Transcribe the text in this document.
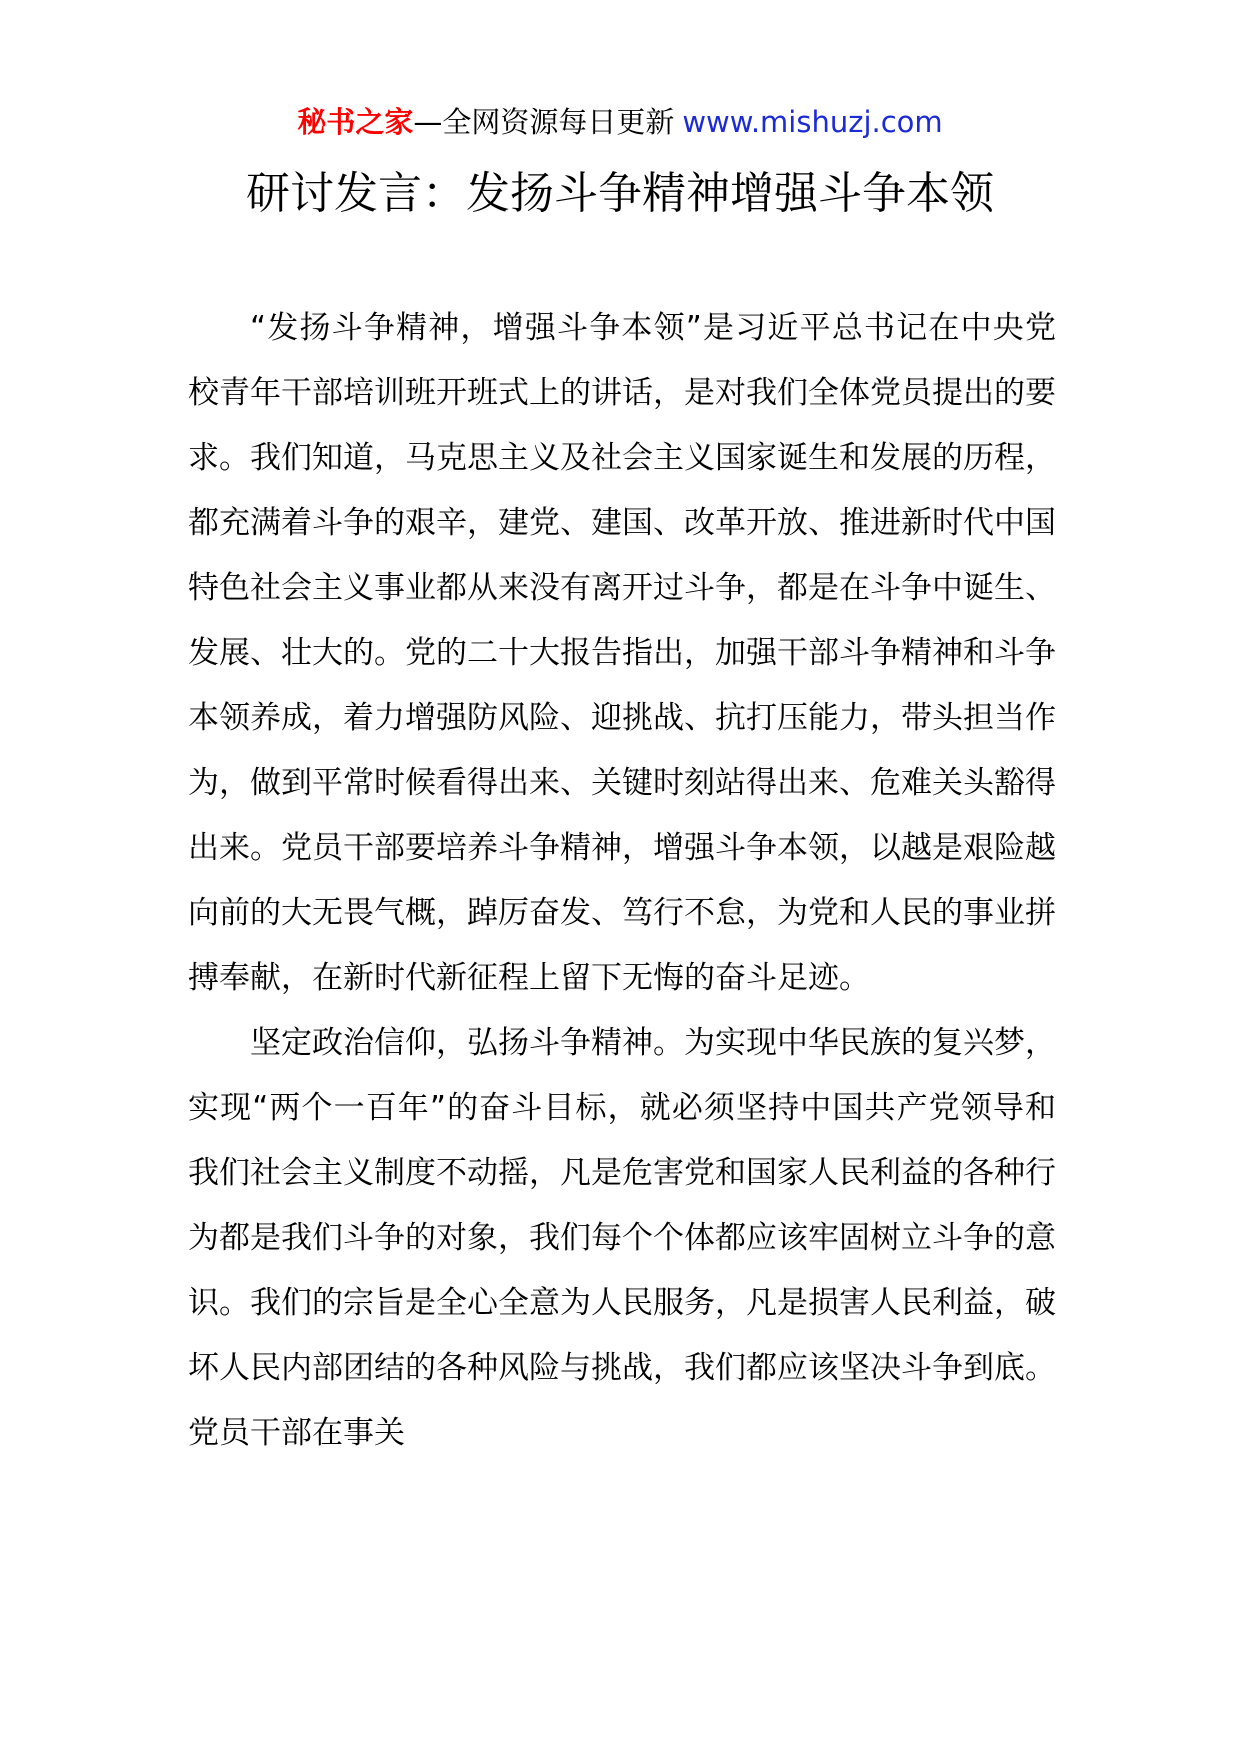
秘书之家—全网资源每日更新 www.mishuzj.com
研讨发言：发扬斗争精神增强斗争本领

“发扬斗争精神，增强斗争本领”是习近平总书记在中央党校青年干部培训班开班式上的讲话，是对我们全体党员提出的要求。我们知道，马克思主义及社会主义国家诞生和发展的历程，都充满着斗争的艰辛，建党、建国、改革开放、推进新时代中国特色社会主义事业都从来没有离开过斗争，都是在斗争中诞生、发展、壮大的。党的二十大报告指出，加强干部斗争精神和斗争本领养成，着力增强防风险、迎挑战、抗打压能力，带头担当作为，做到平常时候看得出来、关键时刻站得出来、危难关头豁得出来。党员干部要培养斗争精神，增强斗争本领，以越是艰险越向前的大无畏气概，踔厉奋发、笃行不怠，为党和人民的事业拼搏奉献，在新时代新征程上留下无悔的奋斗足迹。

坚定政治信仰，弘扬斗争精神。为实现中华民族的复兴梦，实现“两个一百年”的奋斗目标，就必须坚持中国共产党领导和我们社会主义制度不动摇，凡是危害党和国家人民利益的各种行为都是我们斗争的对象，我们每个个体都应该牢固树立斗争的意识。我们的宗旨是全心全意为人民服务，凡是损害人民利益，破坏人民内部团结的各种风险与挑战，我们都应该坚决斗争到底。党员干部在事关
